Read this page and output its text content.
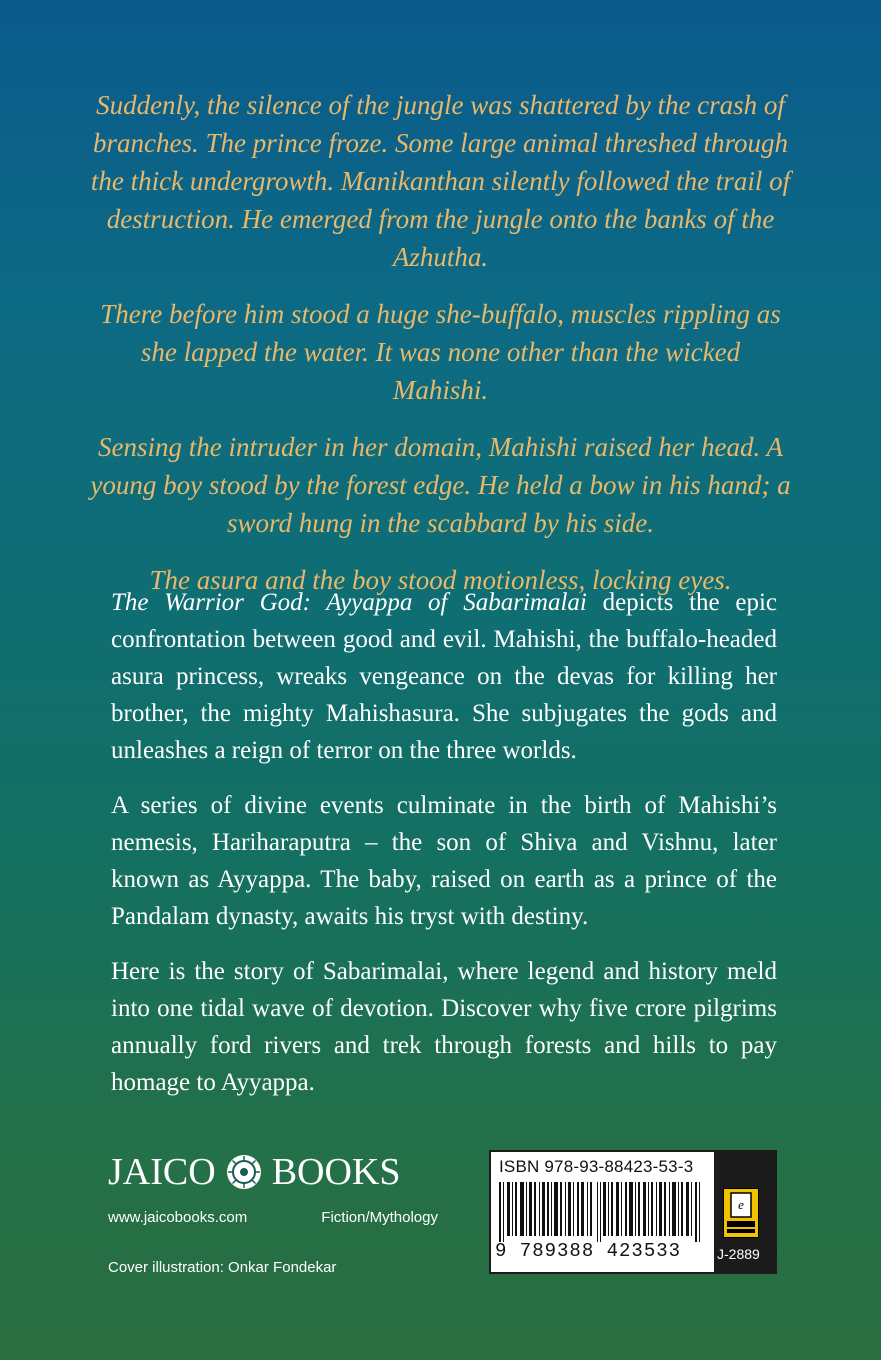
Suddenly, the silence of the jungle was shattered by the crash of branches. The prince froze. Some large animal threshed through the thick undergrowth. Manikanthan silently followed the trail of destruction. He emerged from the jungle onto the banks of the Azhutha.

There before him stood a huge she-buffalo, muscles rippling as she lapped the water. It was none other than the wicked Mahishi.

Sensing the intruder in her domain, Mahishi raised her head. A young boy stood by the forest edge. He held a bow in his hand; a sword hung in the scabbard by his side.

The asura and the boy stood motionless, locking eyes.

The Warrior God: Ayyappa of Sabarimalai depicts the epic confrontation between good and evil. Mahishi, the buffalo-headed asura princess, wreaks vengeance on the devas for killing her brother, the mighty Mahishasura. She subjugates the gods and unleashes a reign of terror on the three worlds.

A series of divine events culminate in the birth of Mahishi’s nemesis, Hariharaputra – the son of Shiva and Vishnu, later known as Ayyappa. The baby, raised on earth as a prince of the Pandalam dynasty, awaits his tryst with destiny.

Here is the story of Sabarimalai, where legend and history meld into one tidal wave of devotion. Discover why five crore pilgrims annually ford rivers and trek through forests and hills to pay homage to Ayyappa.

JAICO BOOKS
www.jaicobooks.com	Fiction/Mythology
Cover illustration: Onkar Fondekar
ISBN 978-93-88423-53-3
9 789388 423533
e
J-2889
